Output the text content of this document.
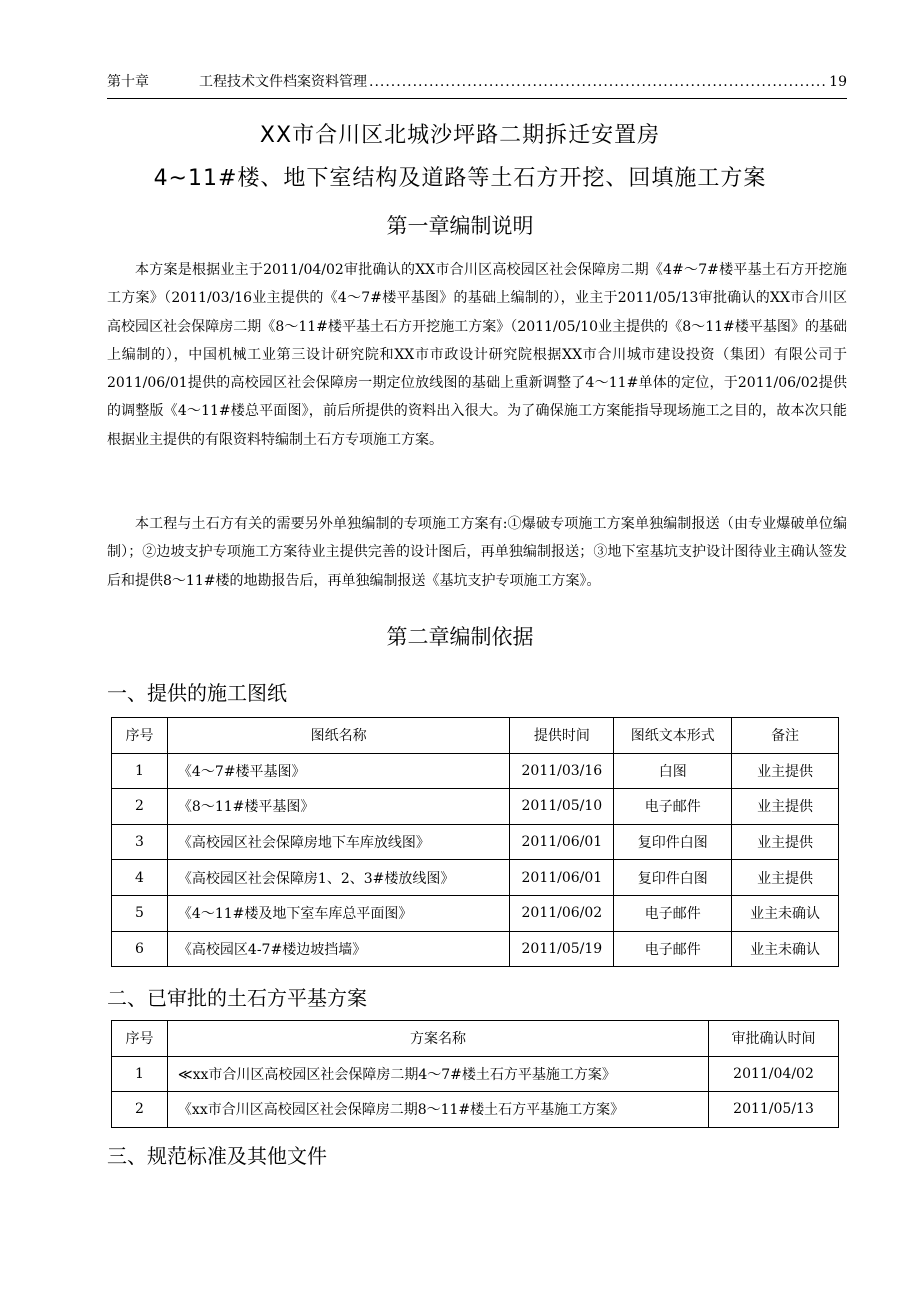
第十章	工程技术文件档案资料管理 .....	19
XX市合川区北城沙坪路二期拆迁安置房
4~11#楼、地下室结构及道路等土石方开挖、回填施工方案
第一章编制说明

本方案是根据业主于2011/04/02审批确认的XX市合川区高校园区社会保障房二期《4#～7#楼平基土石方开挖施工方案》（2011/03/16业主提供的《4～7#楼平基图》的基础上编制的），业主于2011/05/13审批确认的XX市合川区高校园区社会保障房二期《8～11#楼平基土石方开挖施工方案》（2011/05/10业主提供的《8～11#楼平基图》的基础上编制的），中国机械工业第三设计研究院和XX市市政设计研究院根据XX市合川城市建设投资（集团）有限公司于2011/06/01提供的高校园区社会保障房一期定位放线图的基础上重新调整了4～11#单体的定位，于2011/06/02提供的调整版《4～11#楼总平面图》，前后所提供的资料出入很大。为了确保施工方案能指导现场施工之目的，故本次只能根据业主提供的有限资料特编制土石方专项施工方案。

本工程与土石方有关的需要另外单独编制的专项施工方案有:①爆破专项施工方案单独编制报送（由专业爆破单位编制）；②边坡支护专项施工方案待业主提供完善的设计图后，再单独编制报送；③地下室基坑支护设计图待业主确认签发后和提供8～11#楼的地勘报告后，再单独编制报送《基坑支护专项施工方案》。

第二章编制依据
一、提供的施工图纸
序号	图纸名称	提供时间	图纸文本形式	备注
1	《4～7#楼平基图》	2011/03/16	白图	业主提供
2	《8～11#楼平基图》	2011/05/10	电子邮件	业主提供
3	《高校园区社会保障房地下车库放线图》	2011/06/01	复印件白图	业主提供
4	《高校园区社会保障房1、2、3#楼放线图》	2011/06/01	复印件白图	业主提供
5	《4～11#楼及地下室车库总平面图》	2011/06/02	电子邮件	业主未确认
6	《高校园区4-7#楼边坡挡墙》	2011/05/19	电子邮件	业主未确认
二、已审批的土石方平基方案
序号	方案名称	审批确认时间
1	≪xx市合川区高校园区社会保障房二期4～7#楼土石方平基施工方案》	2011/04/02
2	《xx市合川区高校园区社会保障房二期8～11#楼土石方平基施工方案》	2011/05/13
三、规范标准及其他文件
